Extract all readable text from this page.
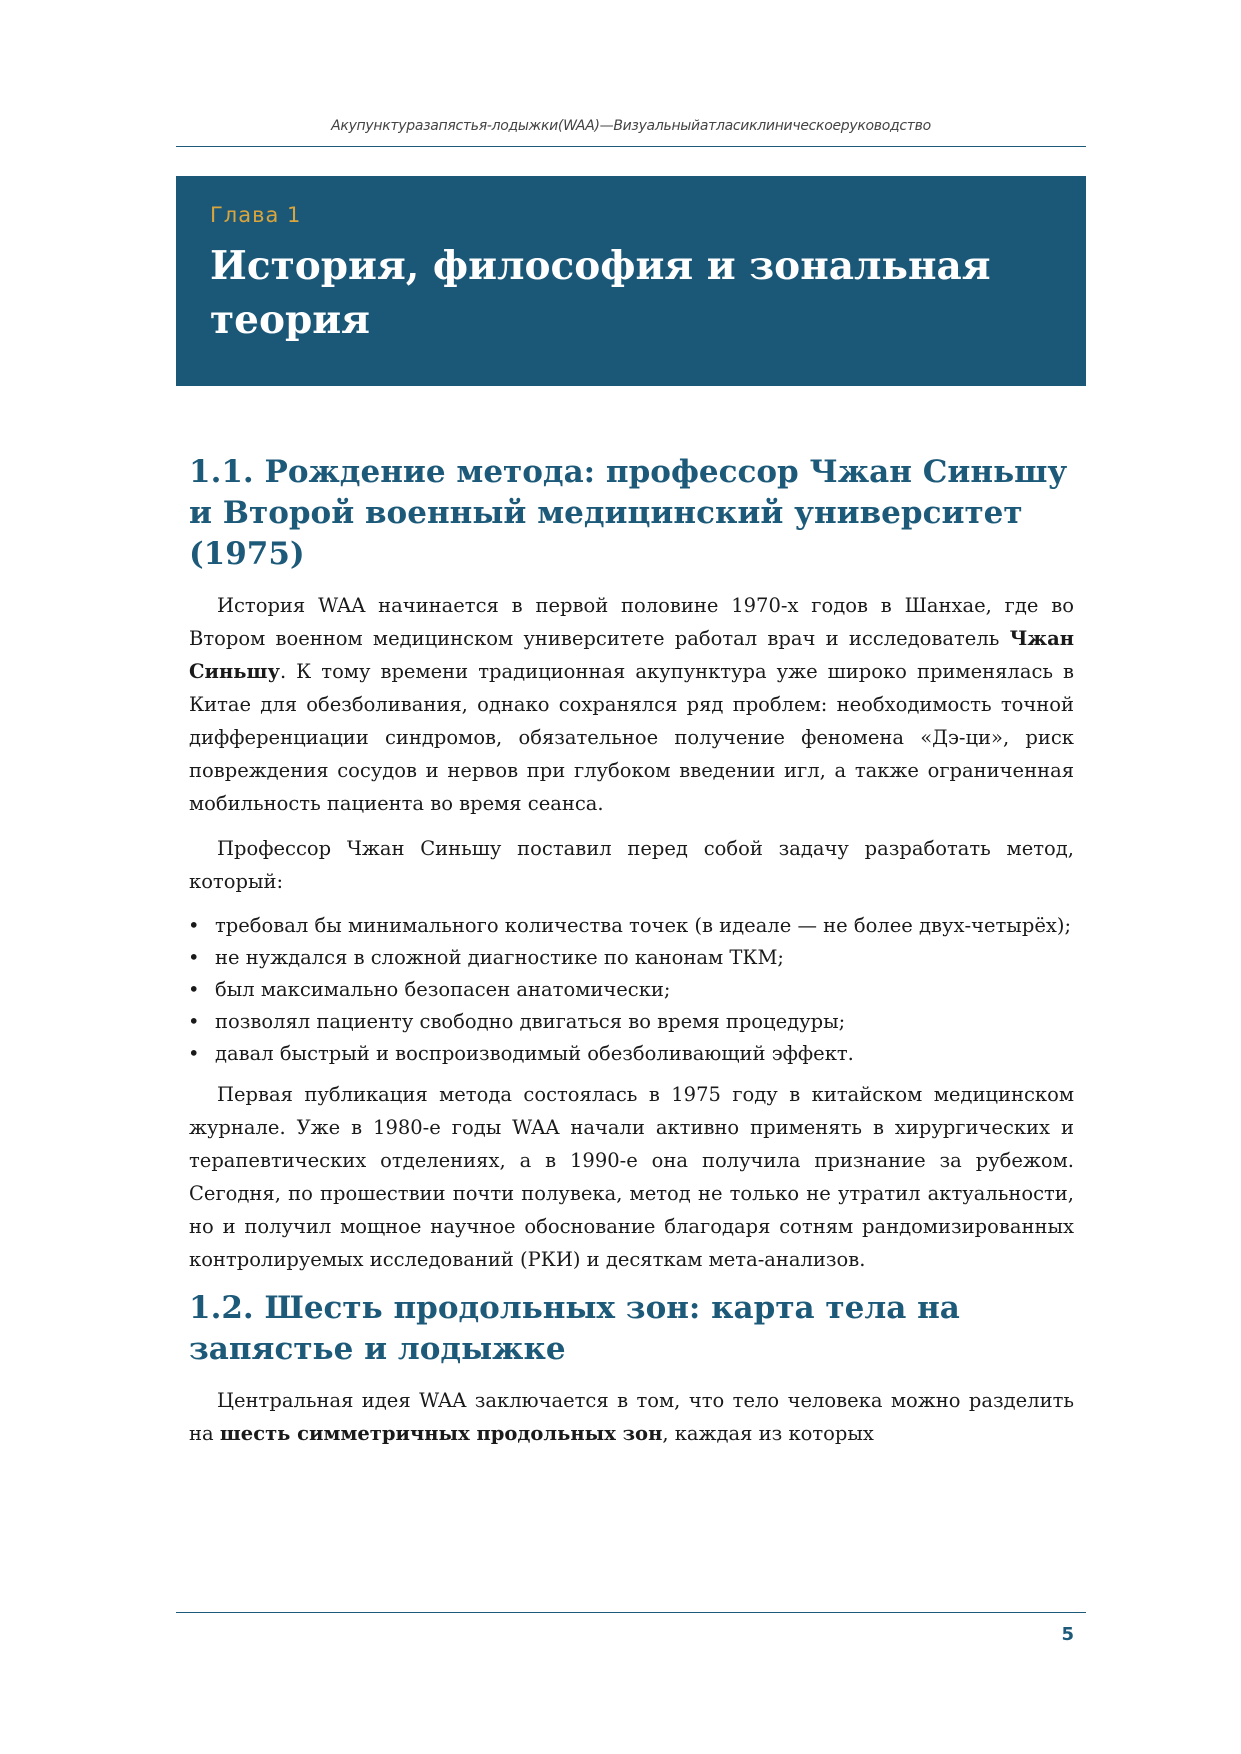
Акупунктуразапястья-лодыжки(WAA)—Визуальныйатласиклиническоеруководство
Глава 1
История, философия и зональная
теория
1.1. Рождение метода: профессор Чжан Синьшу и Второй военный медицинский университет (1975)

История WAA начинается в первой половине 1970-х годов в Шанхае, где во Втором военном медицинском университете работал врач и исследователь Чжан Синьшу. К тому времени традиционная акупунктура уже широко применялась в Китае для обезболивания, однако сохранялся ряд проблем: необходимость точной дифференциации синдромов, обязательное получение феномена «Дэ-ци», риск повреждения сосудов и нервов при глубоком введении игл, а также ограниченная мобильность пациента во время сеанса.

Профессор Чжан Синьшу поставил перед собой задачу разработать метод, который:

• требовал бы минимального количества точек (в идеале — не более двух-четырёх);
• не нуждался в сложной диагностике по канонам ТКМ;
• был максимально безопасен анатомически;
• позволял пациенту свободно двигаться во время процедуры;
• давал быстрый и воспроизводимый обезболивающий эффект.

Первая публикация метода состоялась в 1975 году в китайском медицинском журнале. Уже в 1980-е годы WAA начали активно применять в хирургических и терапевтических отделениях, а в 1990-е она получила признание за рубежом. Сегодня, по прошествии почти полувека, метод не только не утратил актуальности, но и получил мощное научное обоснование благодаря сотням рандомизированных контролируемых исследований (РКИ) и десяткам мета-анализов.

1.2. Шесть продольных зон: карта тела на запястье и лодыжке

Центральная идея WAA заключается в том, что тело человека можно разделить на шесть симметричных продольных зон, каждая из которых

5
